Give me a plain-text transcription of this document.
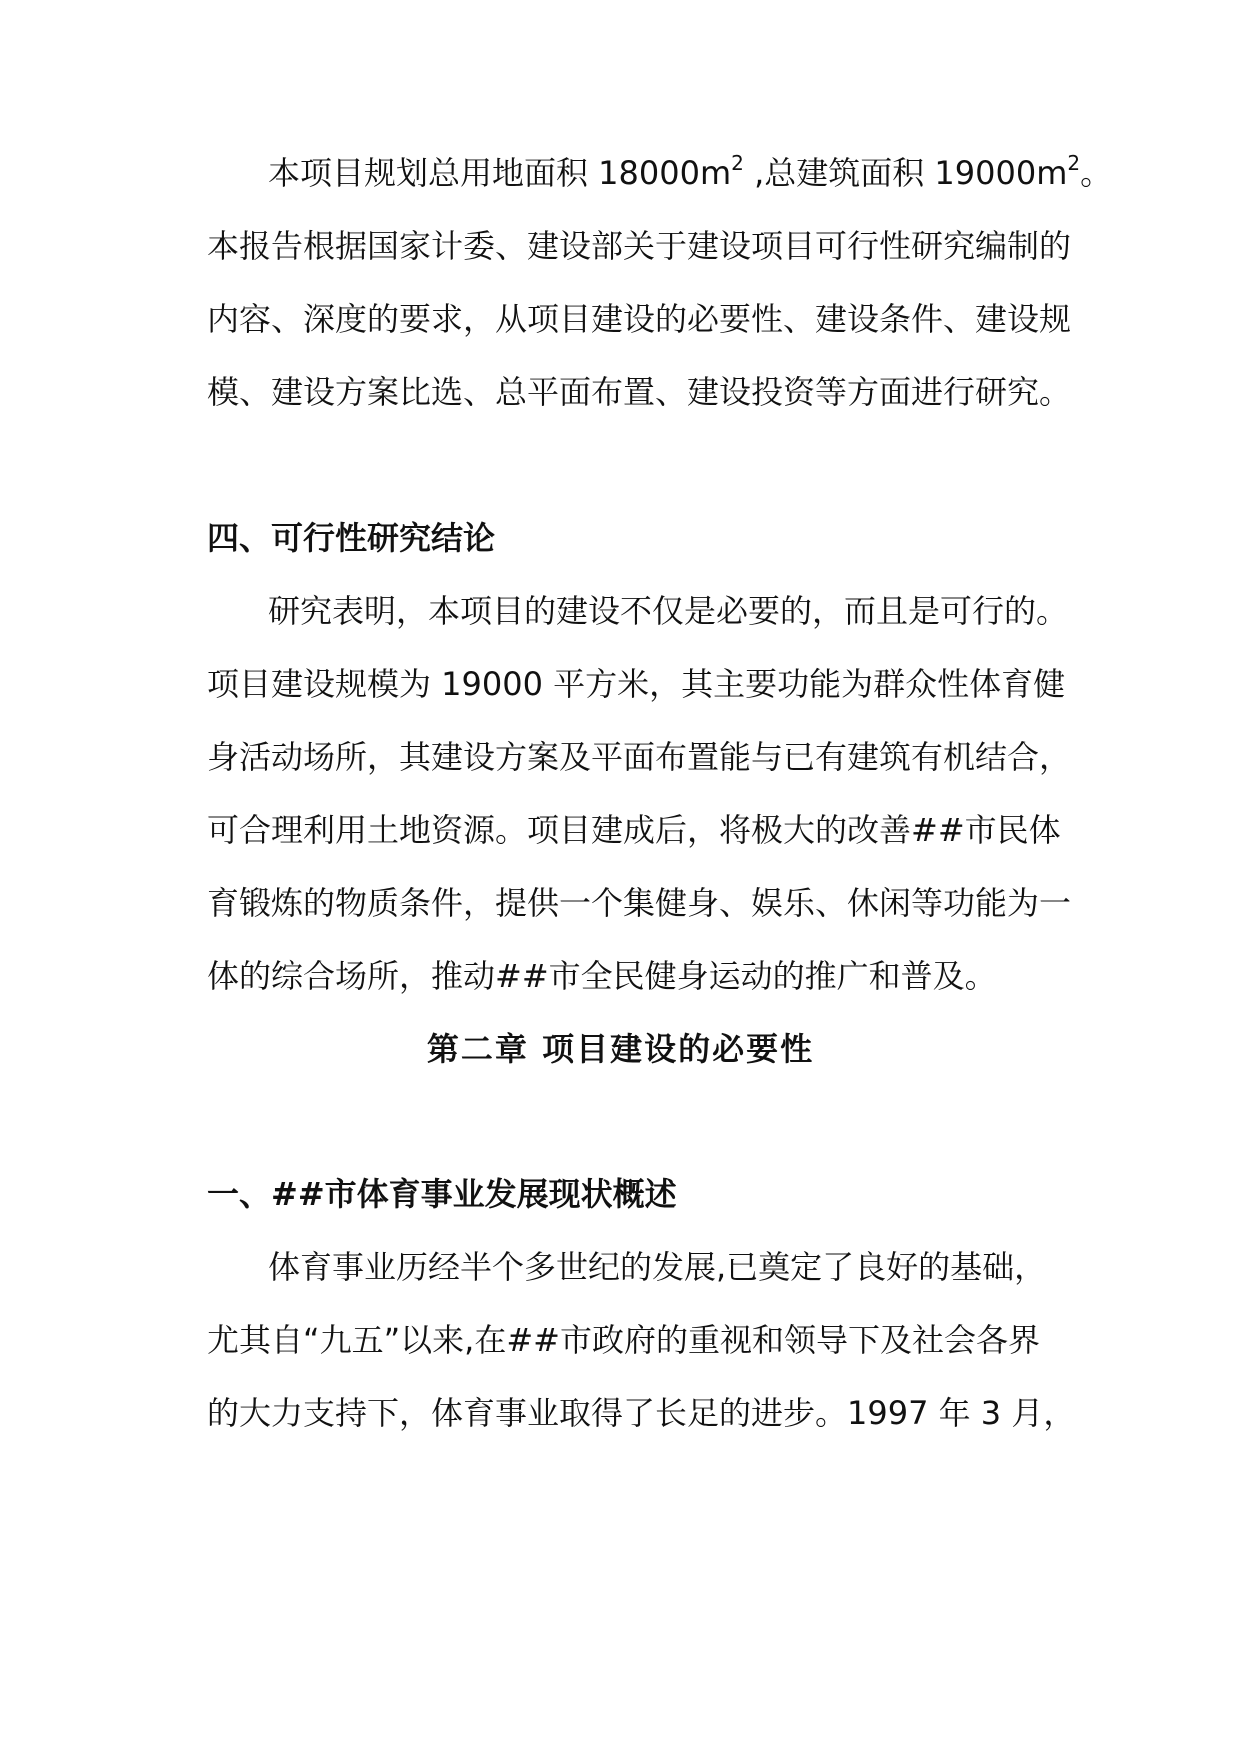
本项目规划总用地面积 $18000m^2$ ,总建筑面积 $19000m^2$。

本报告根据国家计委、建设部关于建设项目可行性研究编制的

内容、深度的要求，从项目建设的必要性、建设条件、建设规

模、建设方案比选、总平面布置、建设投资等方面进行研究。

四、可行性研究结论

研究表明，本项目的建设不仅是必要的，而且是可行的。

项目建设规模为 19000 平方米，其主要功能为群众性体育健

身活动场所，其建设方案及平面布置能与已有建筑有机结合，

可合理利用土地资源。项目建成后，将极大的改善##市民体

育锻炼的物质条件，提供一个集健身、娱乐、休闲等功能为一

体的综合场所，推动##市全民健身运动的推广和普及。

第二章 项目建设的必要性

一、##市体育事业发展现状概述

体育事业历经半个多世纪的发展,已奠定了良好的基础，

尤其自“九五”以来,在##市政府的重视和领导下及社会各界

的大力支持下，体育事业取得了长足的进步。1997 年 3 月，
